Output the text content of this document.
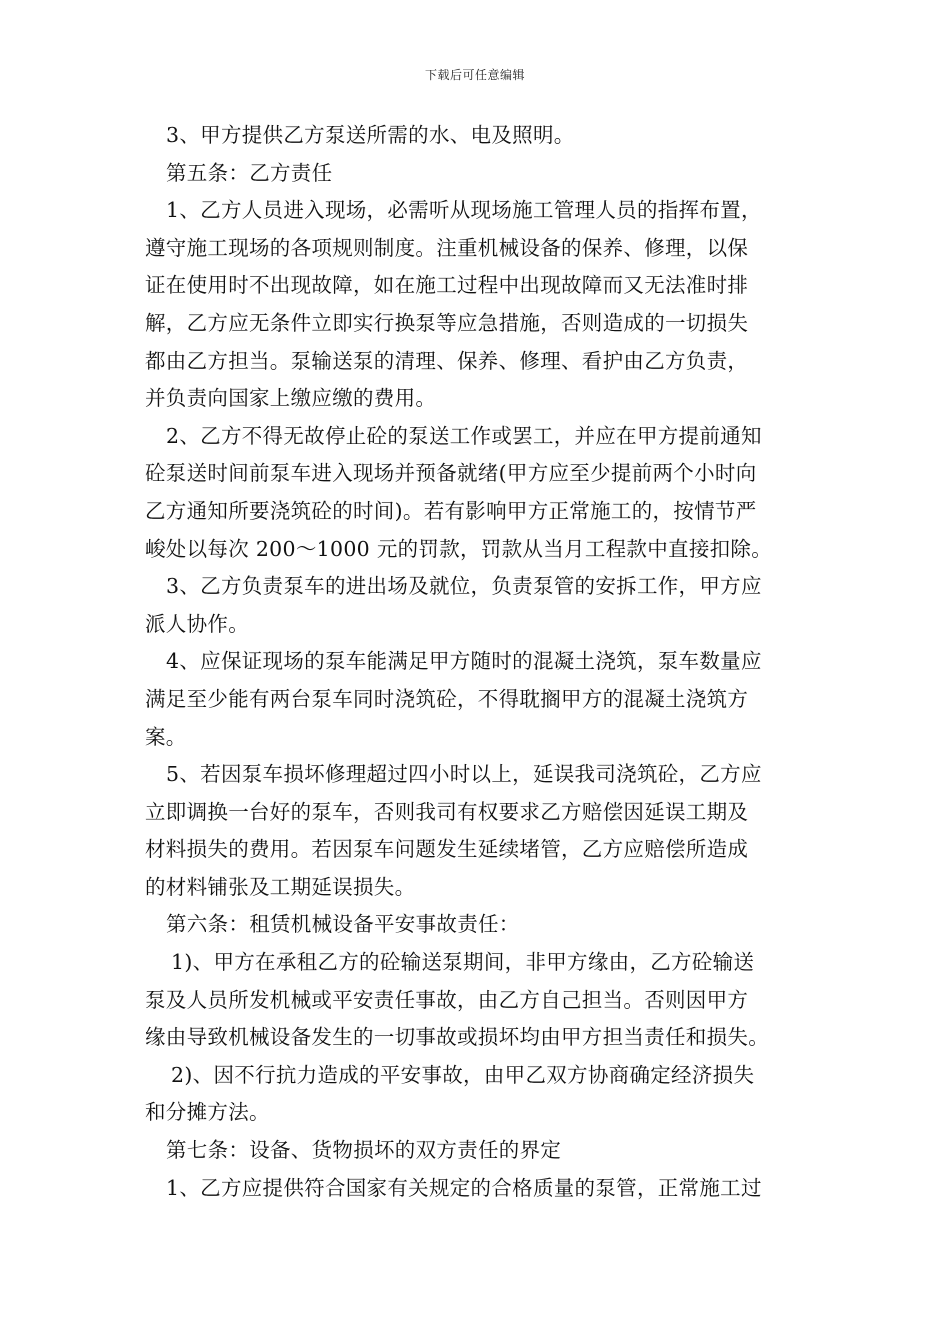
下载后可任意编辑
3、甲方提供乙方泵送所需的水、电及照明。
第五条：乙方责任
1、乙方人员进入现场，必需听从现场施工管理人员的指挥布置，
遵守施工现场的各项规则制度。注重机械设备的保养、修理，以保
证在使用时不出现故障，如在施工过程中出现故障而又无法准时排
解，乙方应无条件立即实行换泵等应急措施，否则造成的一切损失
都由乙方担当。泵输送泵的清理、保养、修理、看护由乙方负责，
并负责向国家上缴应缴的费用。
2、乙方不得无故停止砼的泵送工作或罢工，并应在甲方提前通知
砼泵送时间前泵车进入现场并预备就绪(甲方应至少提前两个小时向
乙方通知所要浇筑砼的时间)。若有影响甲方正常施工的，按情节严
峻处以每次 200～1000 元的罚款，罚款从当月工程款中直接扣除。
3、乙方负责泵车的进出场及就位，负责泵管的安拆工作，甲方应
派人协作。
4、应保证现场的泵车能满足甲方随时的混凝土浇筑，泵车数量应
满足至少能有两台泵车同时浇筑砼，不得耽搁甲方的混凝土浇筑方
案。
5、若因泵车损坏修理超过四小时以上，延误我司浇筑砼，乙方应
立即调换一台好的泵车，否则我司有权要求乙方赔偿因延误工期及
材料损失的费用。若因泵车问题发生延续堵管，乙方应赔偿所造成
的材料铺张及工期延误损失。
第六条：租赁机械设备平安事故责任：
1)、甲方在承租乙方的砼输送泵期间，非甲方缘由，乙方砼输送
泵及人员所发机械或平安责任事故，由乙方自己担当。否则因甲方
缘由导致机械设备发生的一切事故或损坏均由甲方担当责任和损失。
2)、因不行抗力造成的平安事故，由甲乙双方协商确定经济损失
和分摊方法。
第七条：设备、货物损坏的双方责任的界定
1、乙方应提供符合国家有关规定的合格质量的泵管，正常施工过
